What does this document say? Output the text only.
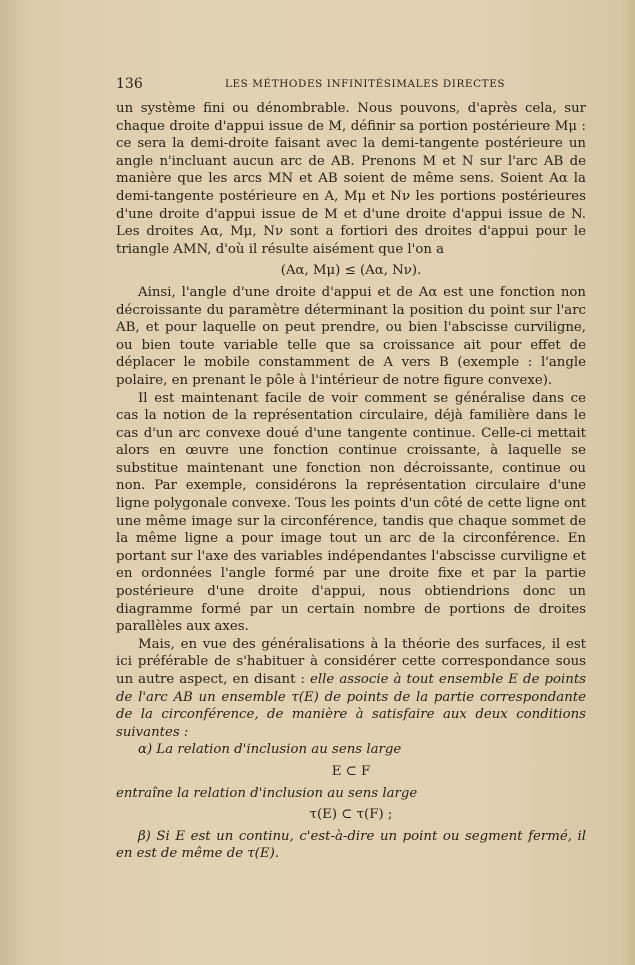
136	LES MÉTHODES INFINITÉSIMALES DIRECTES

un système fini ou dénombrable. Nous pouvons, d'après cela, sur chaque droite d'appui issue de M, définir sa portion postérieure Mμ : ce sera la demi-droite faisant avec la demi-tangente postérieure un angle n'incluant aucun arc de AB. Prenons M et N sur l'arc AB de manière que les arcs MN et AB soient de même sens. Soient Aα la demi-tangente postérieure en A, Mμ et Nν les portions postérieures d'une droite d'appui issue de M et d'une droite d'appui issue de N. Les droites Aα, Mμ, Nν sont a fortiori des droites d'appui pour le triangle AMN, d'où il résulte aisément que l'on a

(Aα, Mμ) ≤ (Aα, Nν).

Ainsi, l'angle d'une droite d'appui et de Aα est une fonction non décroissante du paramètre déterminant la position du point sur l'arc AB, et pour laquelle on peut prendre, ou bien l'abscisse curviligne, ou bien toute variable telle que sa croissance ait pour effet de déplacer le mobile constamment de A vers B (exemple : l'angle polaire, en prenant le pôle à l'intérieur de notre figure convexe).

Il est maintenant facile de voir comment se généralise dans ce cas la notion de la représentation circulaire, déjà familière dans le cas d'un arc convexe doué d'une tangente continue. Celle-ci mettait alors en œuvre une fonction continue croissante, à laquelle se substitue maintenant une fonction non décroissante, continue ou non. Par exemple, considérons la représentation circulaire d'une ligne polygonale convexe. Tous les points d'un côté de cette ligne ont une même image sur la circonférence, tandis que chaque sommet de la même ligne a pour image tout un arc de la circonférence. En portant sur l'axe des variables indépendantes l'abscisse curviligne et en ordonnées l'angle formé par une droite fixe et par la partie postérieure d'une droite d'appui, nous obtiendrions donc un diagramme formé par un certain nombre de portions de droites parallèles aux axes.

Mais, en vue des généralisations à la théorie des surfaces, il est ici préférable de s'habituer à considérer cette correspondance sous un autre aspect, en disant : elle associe à tout ensemble E de points de l'arc AB un ensemble τ(E) de points de la partie correspondante de la circonférence, de manière à satisfaire aux deux conditions suivantes :

α) La relation d'inclusion au sens large

E ⊂ F

entraîne la relation d'inclusion au sens large

τ(E) ⊂ τ(F) ;

β) Si E est un continu, c'est-à-dire un point ou segment fermé, il en est de même de τ(E).
